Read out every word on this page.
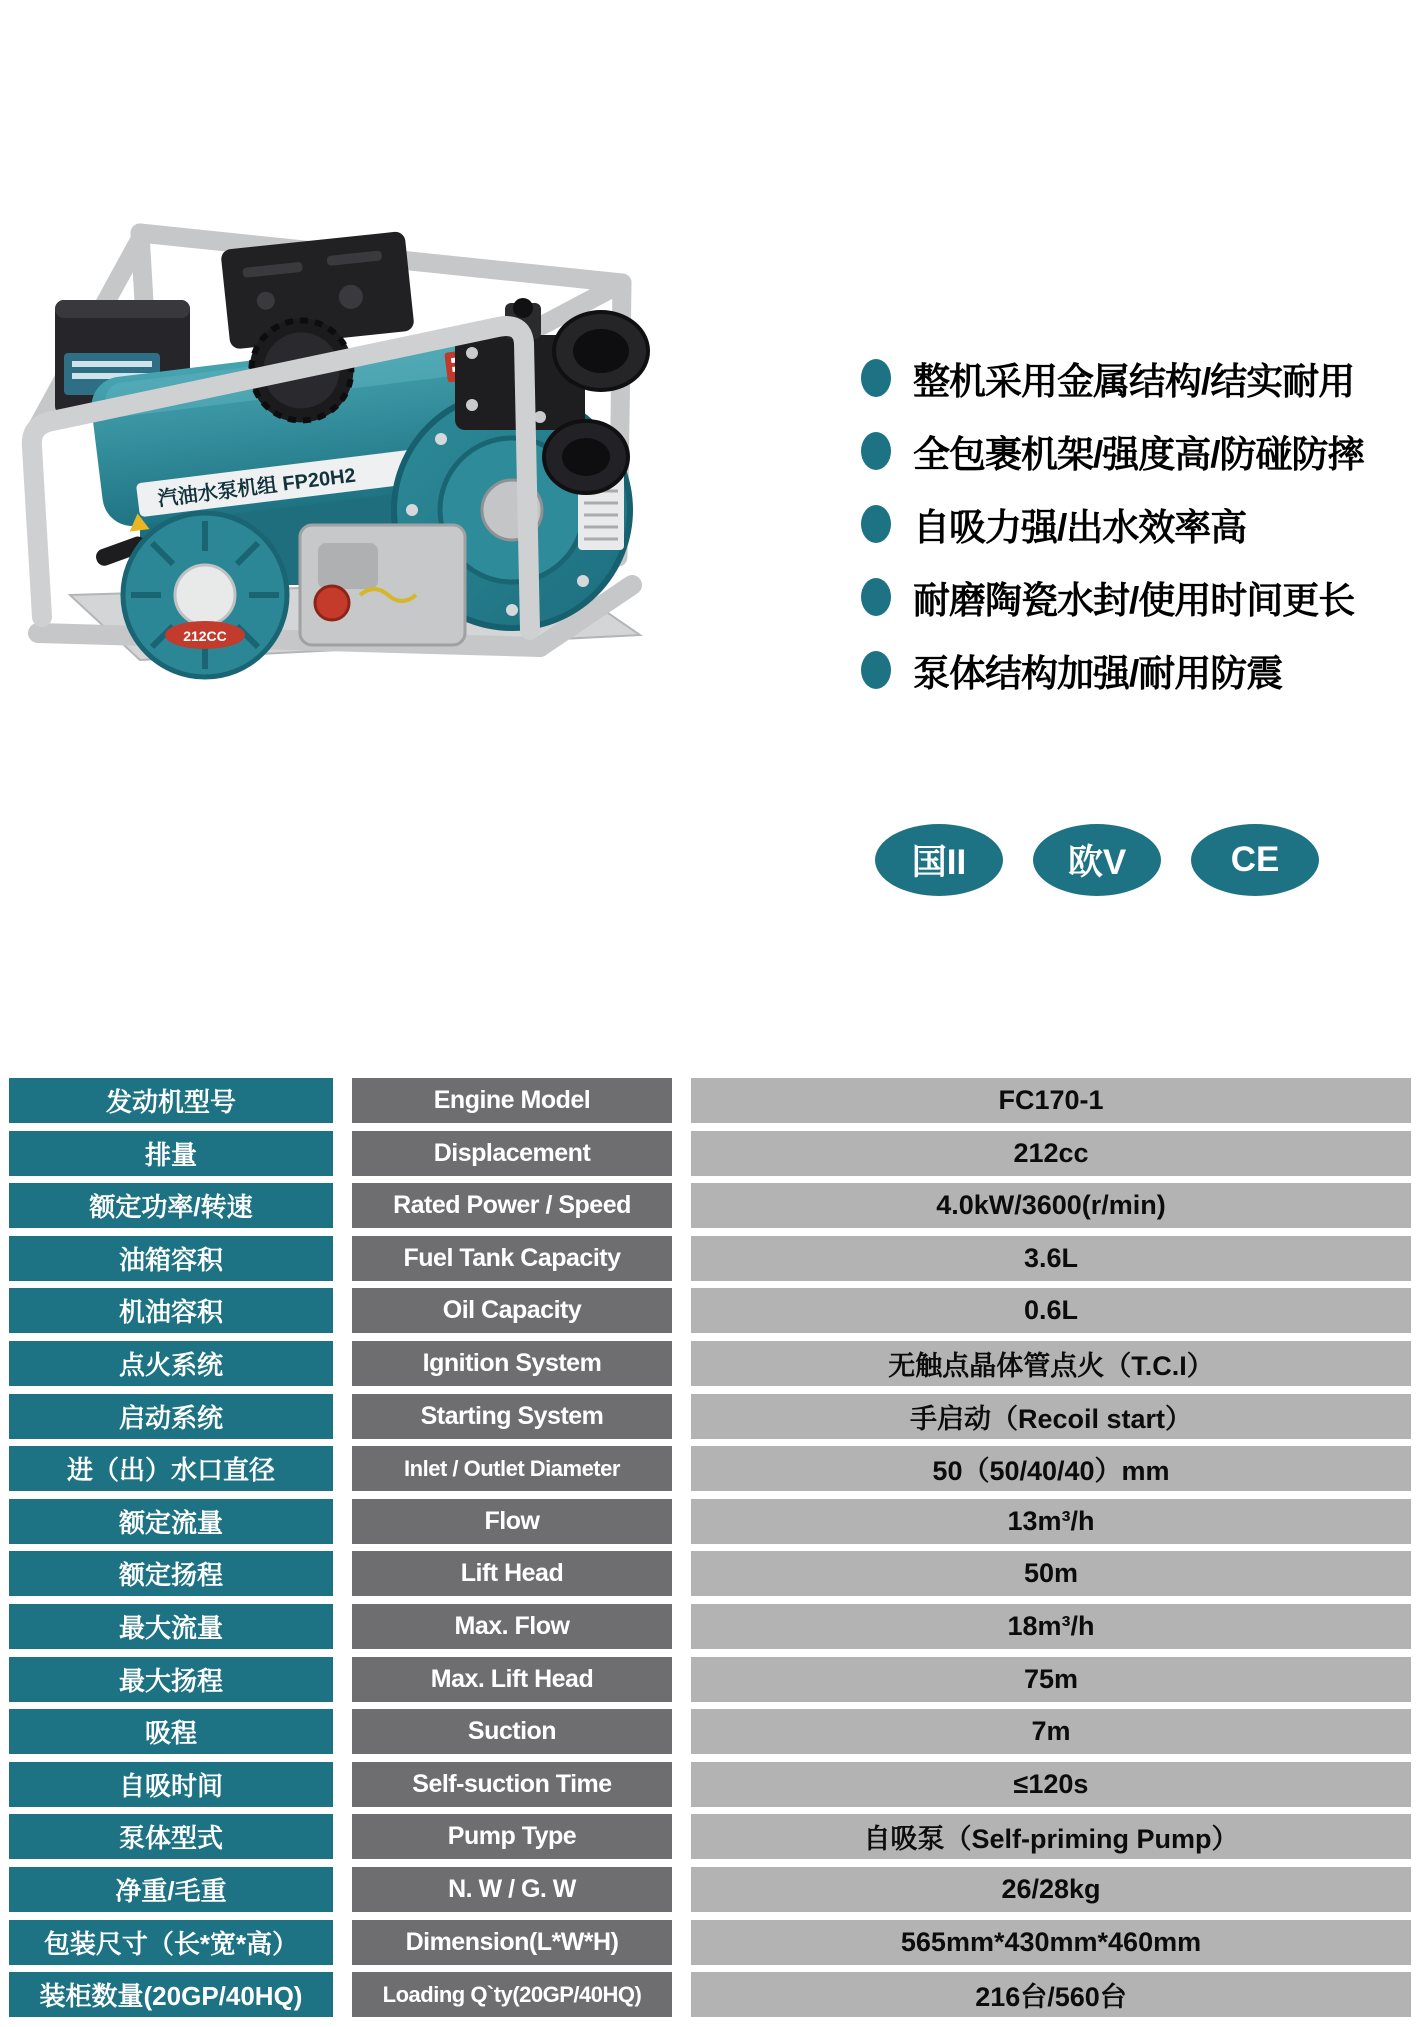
FP20H2
汽油水泵机组 FP20H2
212CC
整机采用金属结构/结实耐用
全包裹机架/强度高/防碰防摔
自吸力强/出水效率高
耐磨陶瓷水封/使用时间更长
泵体结构加强/耐用防震
国II	欧V	CE
发动机型号	Engine Model	FC170-1
排量	Displacement	212cc
额定功率/转速	Rated Power / Speed	4.0kW/3600(r/min)
油箱容积	Fuel Tank Capacity	3.6L
机油容积	Oil Capacity	0.6L
点火系统	Ignition System	无触点晶体管点火（T.C.I）
启动系统	Starting System	手启动（Recoil start）
进（出）水口直径	Inlet / Outlet Diameter	50（50/40/40）mm
额定流量	Flow	13m³/h
额定扬程	Lift Head	50m
最大流量	Max. Flow	18m³/h
最大扬程	Max. Lift Head	75m
吸程	Suction	7m
自吸时间	Self-suction Time	≤120s
泵体型式	Pump Type	自吸泵（Self-priming Pump）
净重/毛重	N. W / G. W	26/28kg
包装尺寸（长*宽*高）	Dimension(L*W*H)	565mm*430mm*460mm
装柜数量(20GP/40HQ)	Loading Q`ty(20GP/40HQ)	216台/560台
